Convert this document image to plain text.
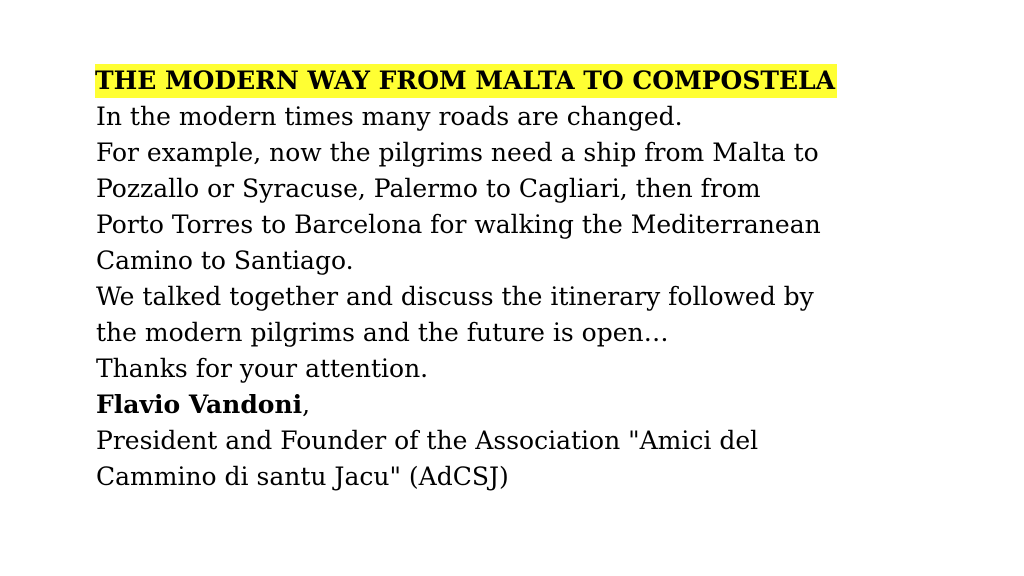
THE MODERN WAY FROM MALTA TO COMPOSTELA
In the modern times many roads are changed.
For example, now the pilgrims need a ship from Malta to
Pozzallo or Syracuse, Palermo to Cagliari, then from
Porto Torres to Barcelona for walking the Mediterranean
Camino to Santiago.
We talked together and discuss the itinerary followed by
the modern pilgrims and the future is open…
Thanks for your attention.
Flavio Vandoni,
President and Founder of the Association "Amici del
Cammino di santu Jacu" (AdCSJ)
